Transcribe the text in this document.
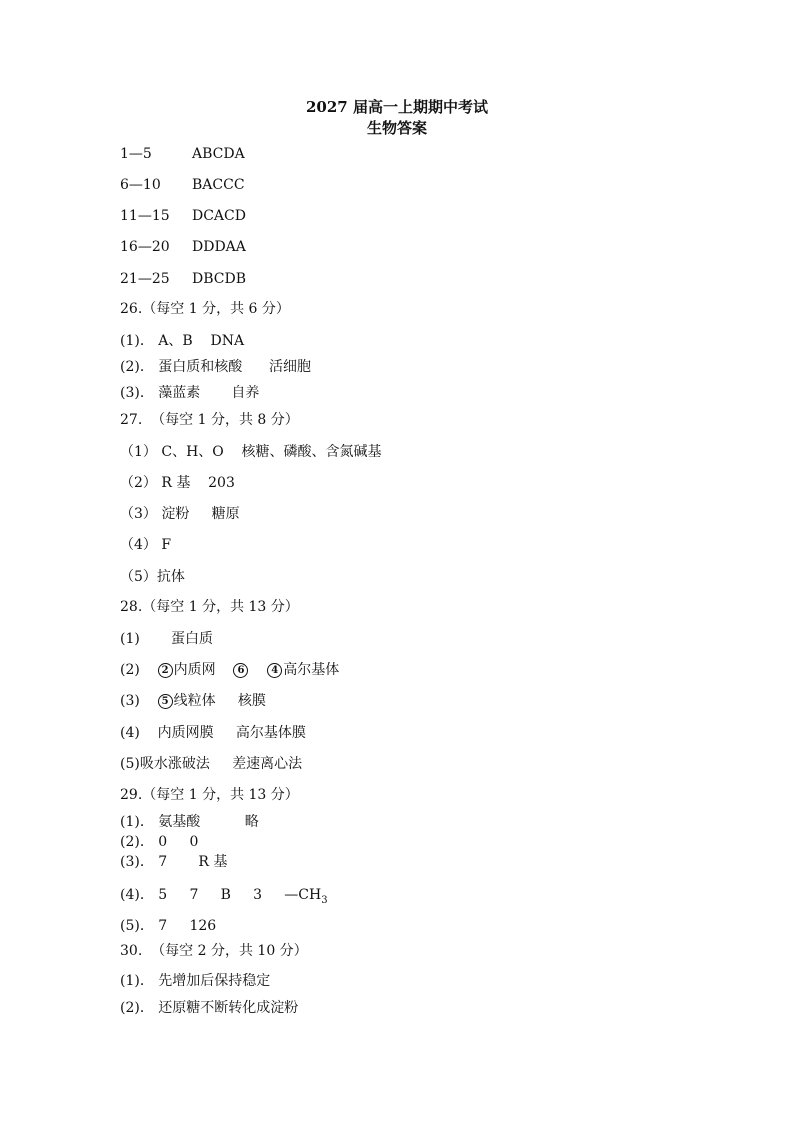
2027 届高一上期期中考试
生物答案
1—5	ABCDA
6—10 BACCC
11—15 DCACD
16—20 DDDAA
21—25 DBCDB
26.（每空 1 分，共 6 分）
(1)． A、B    DNA
(2)． 蛋白质和核酸      活细胞
(3)． 藻蓝素       自养
27.  （每空 1 分，共 8 分）
（1） C、H、O    核糖、磷酸、含氮碱基
（2） R 基    203
（3） 淀粉     糖原
（4） F
（5）抗体
28.（每空 1 分，共 13 分）
(1)       蛋白质
(2)    2 内质网    6	4 高尔基体
(3)    5 线粒体     核膜
(4)    内质网膜     高尔基体膜
(5)吸水涨破法     差速离心法
29.（每空 1 分，共 13 分）
(1)． 氨基酸          略
(2)． 0     0
(3)． 7       R 基
(4)． 5     7     B     3     $—CH_3$
(5)． 7     126
30.  （每空 2 分，共 10 分）
(1)． 先增加后保持稳定
(2)． 还原糖不断转化成淀粉
